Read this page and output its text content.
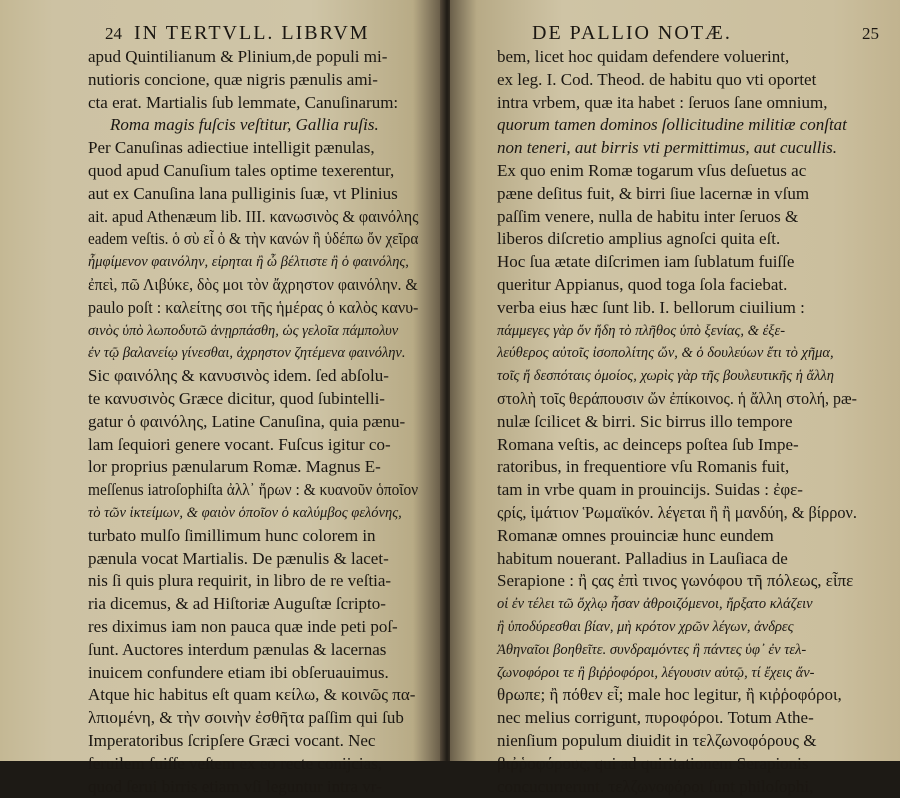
24 IN TERTVLL. LIBRVM
apud Quintilianum & Plinium,de populi mi-
nutioris concione, quæ nigris pænulis ami-
cta erat. Martialis ſub lemmate, Canuſinarum:
Roma magis fuſcis veſtitur, Gallia ruſis.
Per Canuſinas adiectiue intelligit pænulas,
quod apud Canuſium tales optime texerentur,
aut ex Canuſina lana pulliginis ſuæ, vt Plinius
ait. apud Athenæum lib. III. κανωσινὸς & φαινόλης
eadem veſtis. ὁ σὺ εἶ ὁ & τὴν κανών ἢ ὑδέπω ὄν χεῖρα
ἦμφίμενον φαινόλην, εἰρηται ἢ ὦ βέλτιστε ἢ ὁ φαινόλης,
ἐπεὶ, πῶ Λιβύκε, δὸς μοι τὸν ἄχρηστον φαινόλην. &
paulo poſt : καλείτης σοι τῆς ἡμέρας ὁ καλὸς κανυ-
σινὸς ὑπὸ λωποδυτῶ ἀνῃρπάσθη, ὡς γελοῖα πάμπολυν
ἐν τῷ βαλανείῳ γίνεσθαι, ἀχρηστον ζητέμενα φαινόλην.
Sic φαινόλης & κανυσινὸς idem. ſed abſolu-
te κανυσινὸς Græce dicitur, quod ſubintelli-
gatur ὁ φαινόλης, Latine Canuſina, quia pænu-
lam ſequiori genere vocant. Fuſcus igitur co-
lor proprius pænularum Romæ. Magnus E-
meſſenus iatroſophiſta ἀλλ᾽ ἤρων : & κυανοῦν ὁποῖον
τὸ τῶν ἱκτείμων, & φαιὸν ὁποῖον ὁ καλύμβος φελόνης,
turbato mulſo ſimillimum hunc colorem in
pænula vocat Martialis. De pænulis & lacet-
nis ſi quis plura requirit, in libro de re veſtia-
ria dicemus, & ad Hiſtoriæ Auguſtæ ſcripto-
res diximus iam non pauca quæ inde peti poſ-
ſunt. Auctores interdum pænulas & lacernas
inuicem confundere etiam ibi obſeruauimus.
Atque hic habitus eſt quam κείλω, & κοινῶς πα-
λπιομένη, & τὴν σοινὴν ἐσθῆτα paſſim qui ſub
Imperatoribus ſcripſere Græci vocant. Nec
ſeruilem fuiſſe veſtem ex eo recte conijcias,
quod ſerui birris etiam vſi leguntur intra vr-
DE PALLIO NOTÆ.	25
bem, licet hoc quidam defendere voluerint,
ex leg. I. Cod. Theod. de habitu quo vti oportet
intra vrbem, quæ ita habet : ſeruos ſane omnium,
quorum tamen dominos ſollicitudine militiæ conſtat
non teneri, aut birris vti permittimus, aut cucullis.
Ex quo enim Romæ togarum vſus deſuetus ac
pæne deſitus fuit, & birri ſiue lacernæ in vſum
paſſim venere, nulla de habitu inter ſeruos &
liberos diſcretio amplius agnoſci quita eſt.
Hoc ſua ætate diſcrimen iam ſublatum fuiſſe
queritur Appianus, quod toga ſola faciebat.
verba eius hæc ſunt lib. I. bellorum ciuilium :
πάμμεγες γὰρ ὄν ἤδη τὸ πλῆθος ὑπὸ ξενίας, & ἐξε-
λεύθερος αὐτοῖς ἰσοπολίτης ὤν, & ὁ δουλεύων ἔτι τὸ χῆμα,
τοῖς ἤ δεσπόταις ὁμοίος, χωρὶς γὰρ τῆς βουλευτικῆς ἡ ἄλλη
στολὴ τοῖς θεράπουσιν ὤν ἐπίκοινος. ἡ ἄλλη στολή, pæ-
nulæ ſcilicet & birri. Sic birrus illo tempore
Romana veſtis, ac deinceps poſtea ſub Impe-
ratoribus, in frequentiore vſu Romanis fuit,
tam in vrbe quam in prouincijs. Suidas : ἐφε-
ςρίς, ἱμάτιον Ῥωμαϊκόν. λέγεται ἢ ἢ μανδύη, & βίρρον.
Romanæ omnes prouinciæ hunc eundem
habitum nouerant. Palladius in Lauſiaca de
Serapione : ἢ ςας ἐπὶ τινος γωνόφου τῆ πόλεως, εἶπε
οἱ ἐν τέλει τῶ ὄχλῳ ἦσαν ἀθροιζόμενοι, ἤρξατο κλάζειν
ἢ ὑποδύρεσθαι βίαν, μὴ κρότον χρῶν λέγων, ἀνδρες
Ἀθηναῖοι βοηθεῖτε. συνδραμόντες ἢ πάντες ὑφ᾽ ἐν τελ-
ζωνοφόροι τε ἢ βιῤῥοφόροι, λέγουσιν αὐτῷ, τί ἔχεις ἄν-
θρωπε; ἢ πόθεν εἶ; male hoc legitur, ἢ κιῤῥοφόροι,
nec melius corrigunt, πυροφόροι. Totum Athe-
nienſium populum diuidit in τελζωνοφόρους &
βιῤῥοφόρους, qui ad quiritationem Serapionis
concucurrerunt. τελζωνοφόροι ſunt philoſophi,
